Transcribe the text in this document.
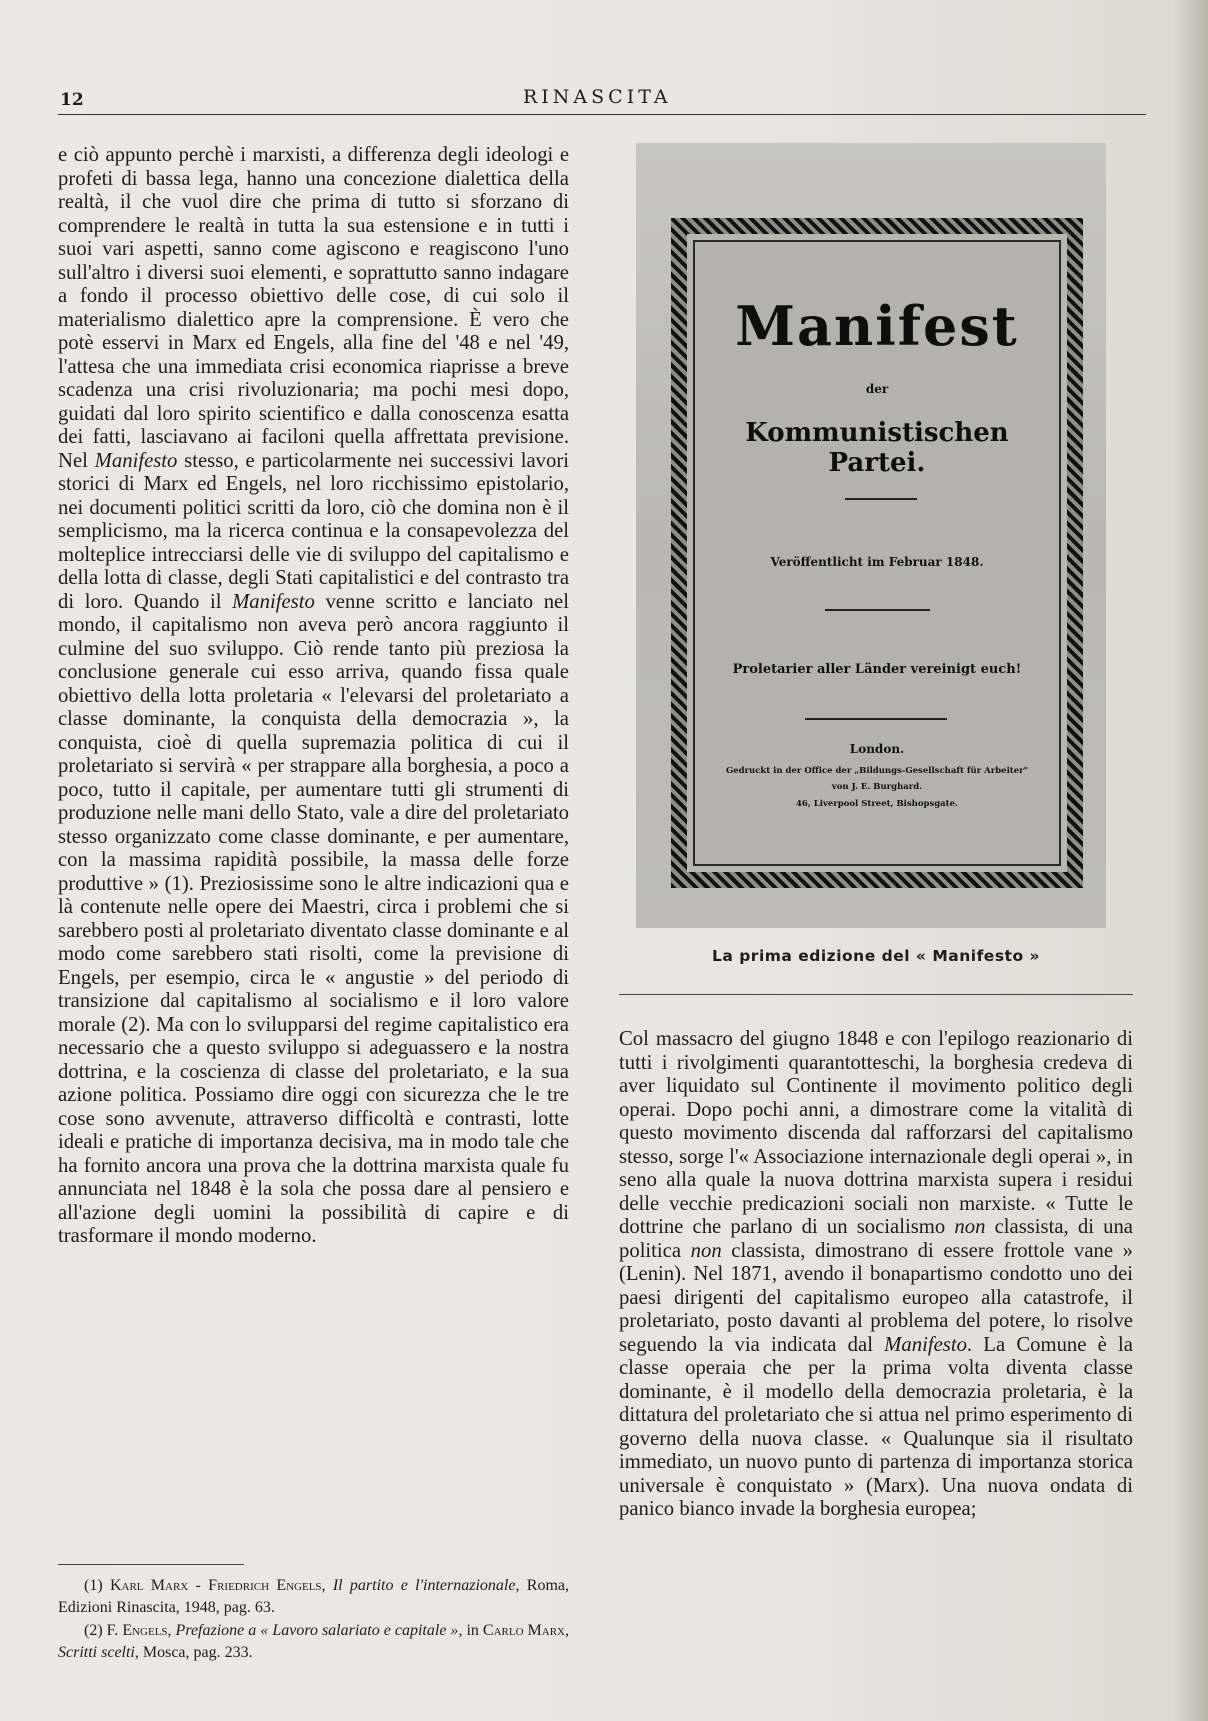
12	RINASCITA

e ciò appunto perchè i marxisti, a differenza degli ideologi e profeti di bassa lega, hanno una concezione dialettica della realtà, il che vuol dire che prima di tutto si sforzano di comprendere le realtà in tutta la sua estensione e in tutti i suoi vari aspetti, sanno come agiscono e reagiscono l'uno sull'altro i diversi suoi elementi, e soprattutto sanno indagare a fondo il processo obiettivo delle cose, di cui solo il materialismo dialettico apre la comprensione. È vero che potè esservi in Marx ed Engels, alla fine del '48 e nel '49, l'attesa che una immediata crisi economica riaprisse a breve scadenza una crisi rivoluzionaria; ma pochi mesi dopo, guidati dal loro spirito scientifico e dalla conoscenza esatta dei fatti, lasciavano ai faciloni quella affrettata previsione. Nel Manifesto stesso, e particolarmente nei successivi lavori storici di Marx ed Engels, nel loro ricchissimo epistolario, nei documenti politici scritti da loro, ciò che domina non è il semplicismo, ma la ricerca continua e la consapevolezza del molteplice intrecciarsi delle vie di sviluppo del capitalismo e della lotta di classe, degli Stati capitalistici e del contrasto tra di loro. Quando il Manifesto venne scritto e lanciato nel mondo, il capitalismo non aveva però ancora raggiunto il culmine del suo sviluppo. Ciò rende tanto più preziosa la conclusione generale cui esso arriva, quando fissa quale obiettivo della lotta proletaria « l'elevarsi del proletariato a classe dominante, la conquista della democrazia », la conquista, cioè di quella supremazia politica di cui il proletariato si servirà « per strappare alla borghesia, a poco a poco, tutto il capitale, per aumentare tutti gli strumenti di produzione nelle mani dello Stato, vale a dire del proletariato stesso organizzato come classe dominante, e per aumentare, con la massima rapidità possibile, la massa delle forze produttive » (1). Preziosissime sono le altre indicazioni qua e là contenute nelle opere dei Maestri, circa i problemi che si sarebbero posti al proletariato diventato classe dominante e al modo come sarebbero stati risolti, come la previsione di Engels, per esempio, circa le « angustie » del periodo di transizione dal capitalismo al socialismo e il loro valore morale (2). Ma con lo svilupparsi del regime capitalistico era necessario che a questo sviluppo si adeguassero e la nostra dottrina, e la coscienza di classe del proletariato, e la sua azione politica. Possiamo dire oggi con sicurezza che le tre cose sono avvenute, attraverso difficoltà e contrasti, lotte ideali e pratiche di importanza decisiva, ma in modo tale che ha fornito ancora una prova che la dottrina marxista quale fu annunciata nel 1848 è la sola che possa dare al pensiero e all'azione degli uomini la possibilità di capire e di trasformare il mondo moderno.

(1) Karl Marx - Friedrich Engels, Il partito e l'internazionale, Roma, Edizioni Rinascita, 1948, pag. 63.

(2) F. Engels, Prefazione a « Lavoro salariato e capitale », in Carlo Marx, Scritti scelti, Mosca, pag. 233.

Manifest
der
Kommunistischen Partei.
Veröffentlicht im Februar 1848.
Proletarier aller Länder vereinigt euch!
London.
Gedruckt in der Office der „Bildungs-Gesellschaft für Arbeiter"
von J. E. Burghard.
46, Liverpool Street, Bishopsgate.
La prima edizione del « Manifesto »

Col massacro del giugno 1848 e con l'epilogo reazionario di tutti i rivolgimenti quarantotteschi, la borghesia credeva di aver liquidato sul Continente il movimento politico degli operai. Dopo pochi anni, a dimostrare come la vitalità di questo movimento discenda dal rafforzarsi del capitalismo stesso, sorge l'« Associazione internazionale degli operai », in seno alla quale la nuova dottrina marxista supera i residui delle vecchie predicazioni sociali non marxiste. « Tutte le dottrine che parlano di un socialismo non classista, di una politica non classista, dimostrano di essere frottole vane » (Lenin). Nel 1871, avendo il bonapartismo condotto uno dei paesi dirigenti del capitalismo europeo alla catastrofe, il proletariato, posto davanti al problema del potere, lo risolve seguendo la via indicata dal Manifesto. La Comune è la classe operaia che per la prima volta diventa classe dominante, è il modello della democrazia proletaria, è la dittatura del proletariato che si attua nel primo esperimento di governo della nuova classe. « Qualunque sia il risultato immediato, un nuovo punto di partenza di importanza storica universale è conquistato » (Marx). Una nuova ondata di panico bianco invade la borghesia europea;
